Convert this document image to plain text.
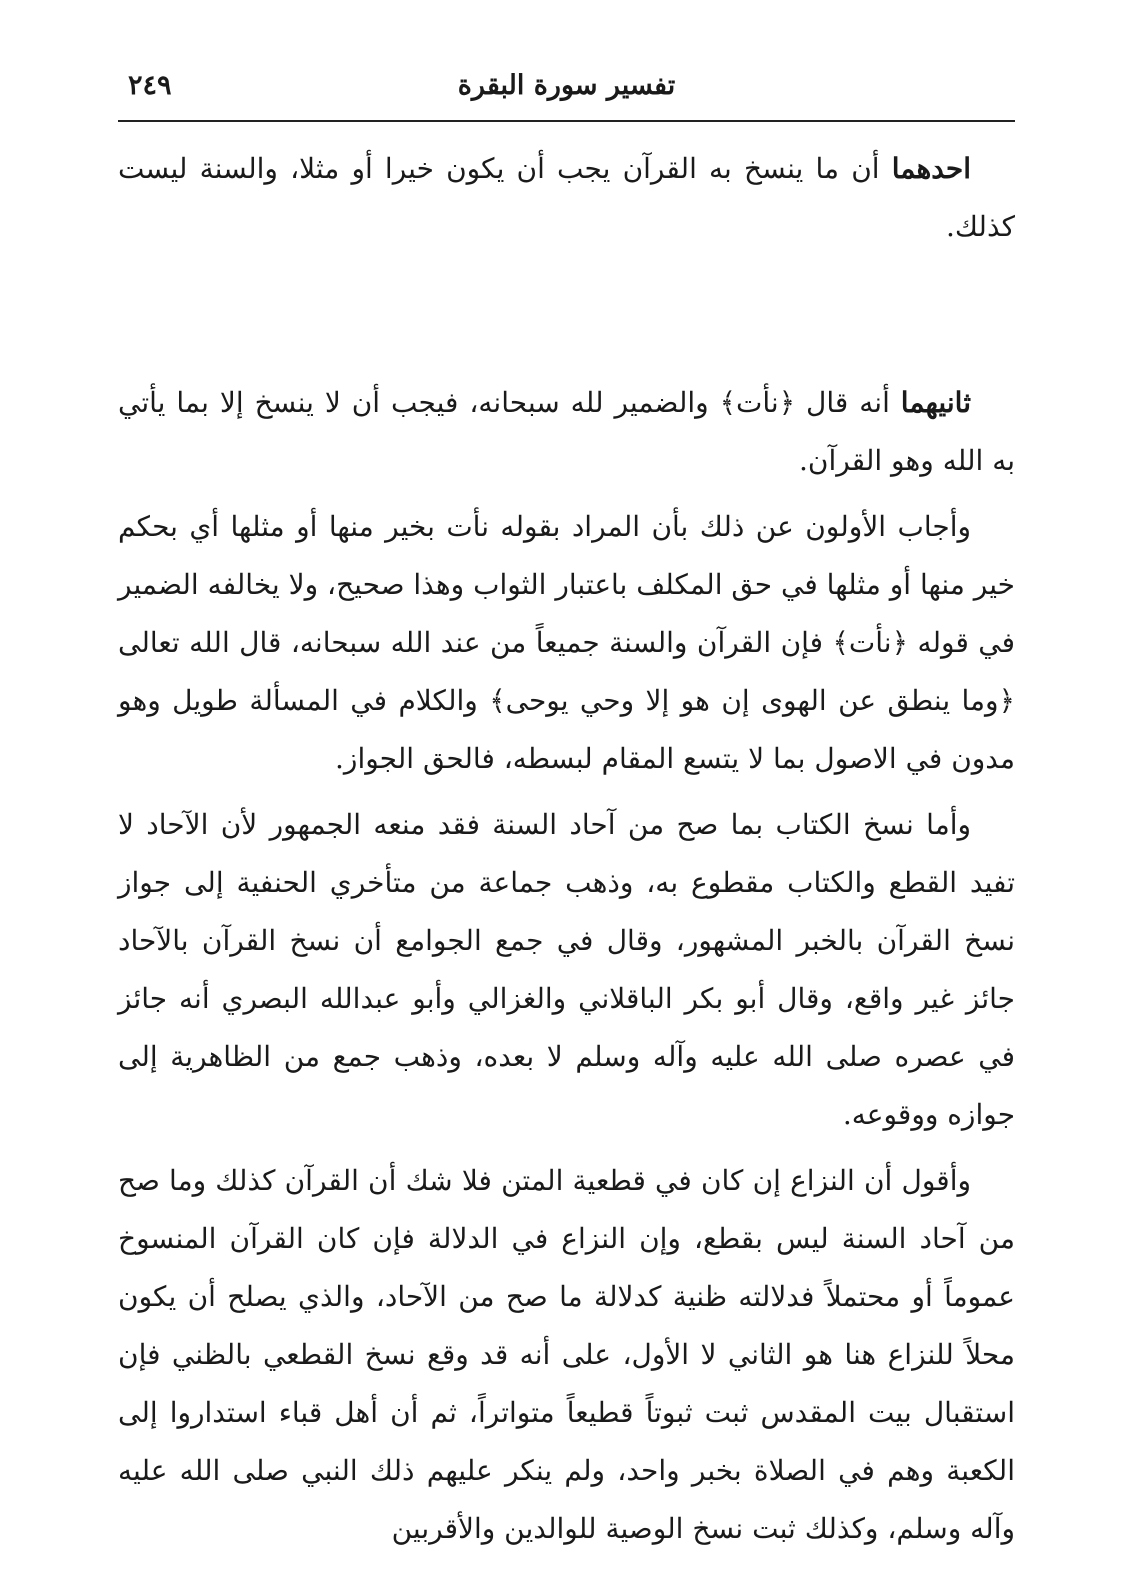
تفسير سورة البقرة
٢٤٩

احدهما أن ما ينسخ به القرآن يجب أن يكون خيرا أو مثلا، والسنة ليست كذلك.

ثانيهما أنه قال ﴿نأت﴾ والضمير لله سبحانه، فيجب أن لا ينسخ إلا بما يأتي به الله وهو القرآن.

وأجاب الأولون عن ذلك بأن المراد بقوله نأت بخير منها أو مثلها أي بحكم خير منها أو مثلها في حق المكلف باعتبار الثواب وهذا صحيح، ولا يخالفه الضمير في قوله ﴿نأت﴾ فإن القرآن والسنة جميعاً من عند الله سبحانه، قال الله تعالى ﴿وما ينطق عن الهوى إن هو إلا وحي يوحى﴾ والكلام في المسألة طويل وهو مدون في الاصول بما لا يتسع المقام لبسطه، فالحق الجواز.

وأما نسخ الكتاب بما صح من آحاد السنة فقد منعه الجمهور لأن الآحاد لا تفيد القطع والكتاب مقطوع به، وذهب جماعة من متأخري الحنفية إلى جواز نسخ القرآن بالخبر المشهور، وقال في جمع الجوامع أن نسخ القرآن بالآحاد جائز غير واقع، وقال أبو بكر الباقلاني والغزالي وأبو عبدالله البصري أنه جائز في عصره صلى الله عليه وآله وسلم لا بعده، وذهب جمع من الظاهرية إلى جوازه ووقوعه.

وأقول أن النزاع إن كان في قطعية المتن فلا شك أن القرآن كذلك وما صح من آحاد السنة ليس بقطع، وإن النزاع في الدلالة فإن كان القرآن المنسوخ عموماً أو محتملاً فدلالته ظنية كدلالة ما صح من الآحاد، والذي يصلح أن يكون محلاً للنزاع هنا هو الثاني لا الأول، على أنه قد وقع نسخ القطعي بالظني فإن استقبال بيت المقدس ثبت ثبوتاً قطيعاً متواتراً، ثم أن أهل قباء استداروا إلى الكعبة وهم في الصلاة بخبر واحد، ولم ينكر عليهم ذلك النبي صلى الله عليه وآله وسلم، وكذلك ثبت نسخ الوصية للوالدين والأقربين
